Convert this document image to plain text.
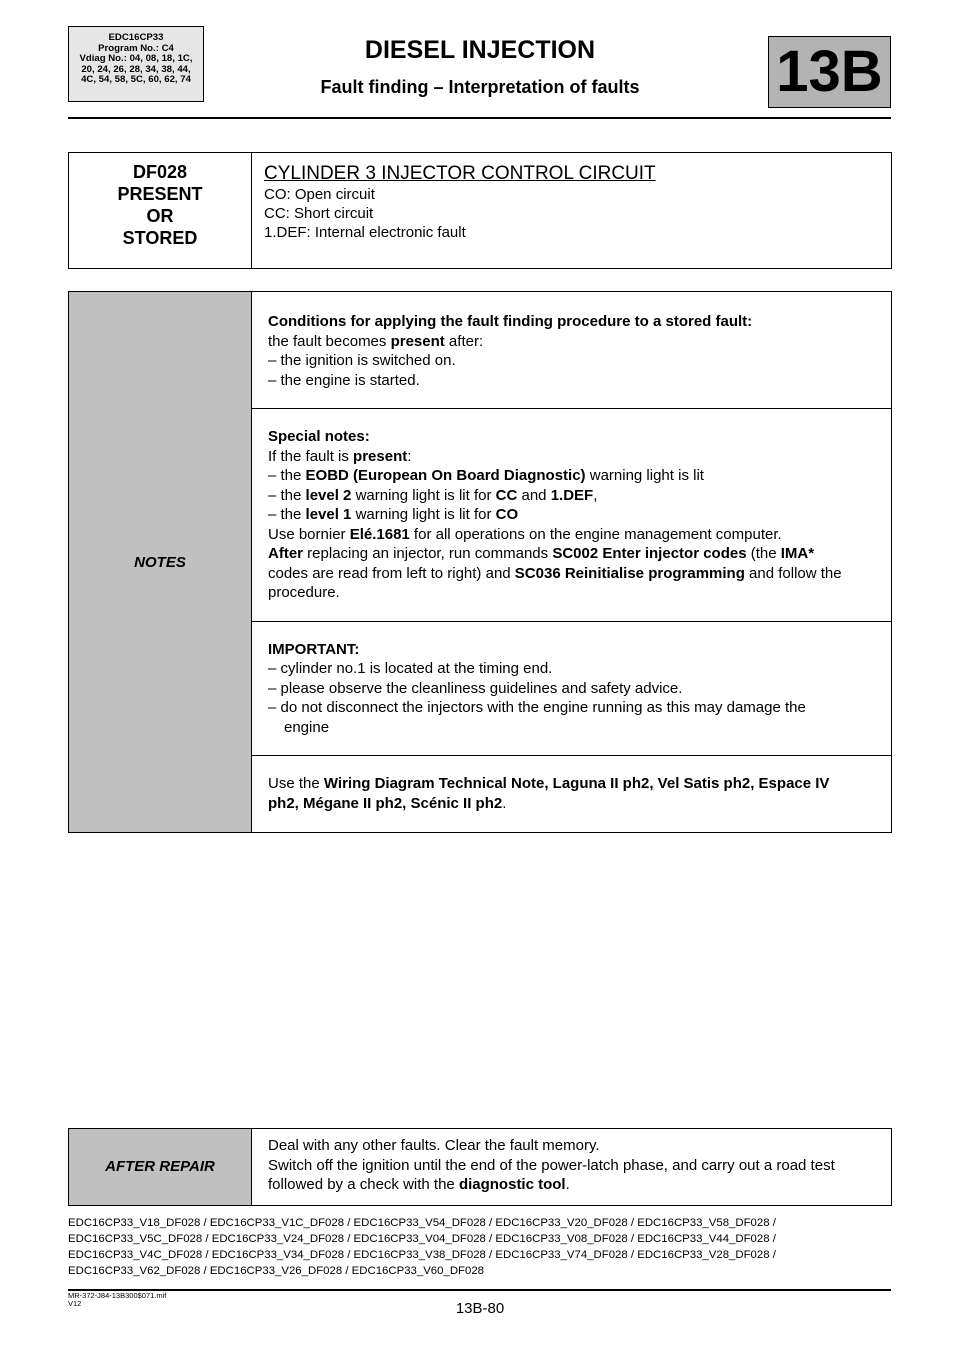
EDC16CP33
Program No.: C4
Vdiag No.: 04, 08, 18, 1C,
20, 24, 26, 28, 34, 38, 44,
4C, 54, 58, 5C, 60, 62, 74
DIESEL INJECTION
Fault finding – Interpretation of faults	13B
DF028
PRESENT
OR
STORED

CYLINDER 3 INJECTOR CONTROL CIRCUIT
CO: Open circuit
CC: Short circuit
1.DEF: Internal electronic fault
NOTES	
Conditions for applying the fault finding procedure to a stored fault:
the fault becomes present after:
– the ignition is switched on.
– the engine is started.

Special notes:
If the fault is present:
– the EOBD (European On Board Diagnostic) warning light is lit
– the level 2 warning light is lit for CC and 1.DEF,
– the level 1 warning light is lit for CO
Use bornier Elé.1681 for all operations on the engine management computer.
After replacing an injector, run commands SC002 Enter injector codes (the IMA*
codes are read from left to right) and SC036 Reinitialise programming and follow the
procedure.

IMPORTANT:
– cylinder no.1 is located at the timing end.
– please observe the cleanliness guidelines and safety advice.
– do not disconnect the injectors with the engine running as this may damage the
engine

Use the Wiring Diagram Technical Note, Laguna II ph2, Vel Satis ph2, Espace IV
ph2, Mégane II ph2, Scénic II ph2.
AFTER REPAIR	
Deal with any other faults. Clear the fault memory.
Switch off the ignition until the end of the power-latch phase, and carry out a road test
followed by a check with the diagnostic tool.
EDC16CP33_V18_DF028 / EDC16CP33_V1C_DF028 / EDC16CP33_V54_DF028 / EDC16CP33_V20_DF028 / EDC16CP33_V58_DF028 /
EDC16CP33_V5C_DF028 / EDC16CP33_V24_DF028 / EDC16CP33_V04_DF028 / EDC16CP33_V08_DF028 / EDC16CP33_V44_DF028 /
EDC16CP33_V4C_DF028 / EDC16CP33_V34_DF028 / EDC16CP33_V38_DF028 / EDC16CP33_V74_DF028 / EDC16CP33_V28_DF028 /
EDC16CP33_V62_DF028 / EDC16CP33_V26_DF028 / EDC16CP33_V60_DF028
MR-372-J84-13B300$071.mif
V12	13B-80
